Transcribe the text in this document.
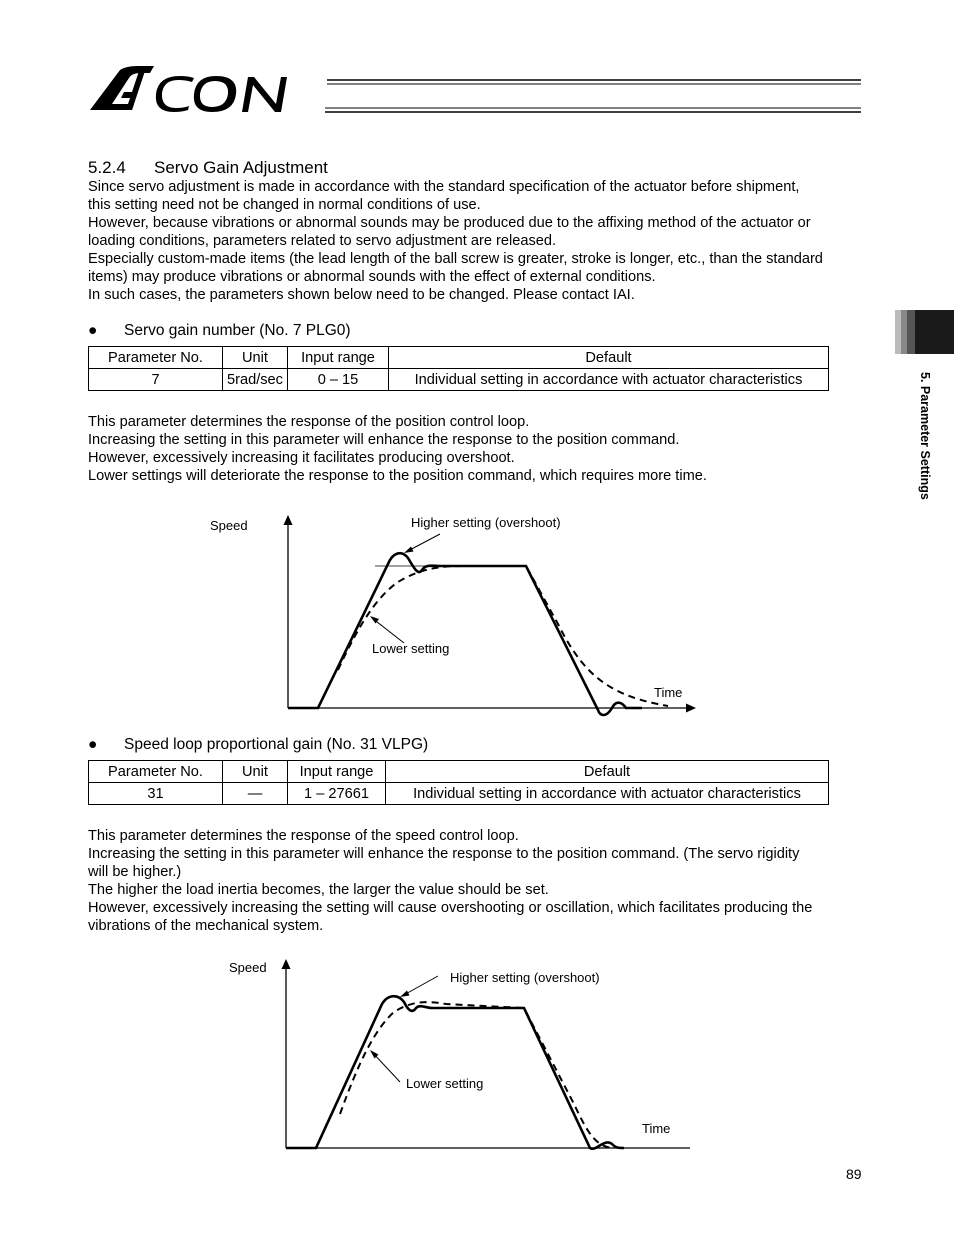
5. Parameter Settings
5.2.4 Servo Gain Adjustment

Since servo adjustment is made in accordance with the standard specification of the actuator before shipment,

this setting need not be changed in normal conditions of use.

However, because vibrations or abnormal sounds may be produced due to the affixing method of the actuator or

loading conditions, parameters related to servo adjustment are released.

Especially custom-made items (the lead length of the ball screw is greater, stroke is longer, etc., than the standard

items) may produce vibrations or abnormal sounds with the effect of external conditions.

In such cases, the parameters shown below need to be changed. Please contact IAI.

● Servo gain number (No. 7 PLG0)
Parameter No.	Unit	Input range	Default
7	5rad/sec	0 – 15	Individual setting in accordance with actuator characteristics

This parameter determines the response of the position control loop.

Increasing the setting in this parameter will enhance the response to the position command.

However, excessively increasing it facilitates producing overshoot.

Lower settings will deteriorate the response to the position command, which requires more time.

Speed	Higher setting (overshoot)
Lower setting
Time
● Speed loop proportional gain (No. 31 VLPG)
Parameter No.	Unit	Input range	Default
31	—	1 – 27661	Individual setting in accordance with actuator characteristics

This parameter determines the response of the speed control loop.

Increasing the setting in this parameter will enhance the response to the position command. (The servo rigidity

will be higher.)

The higher the load inertia becomes, the larger the value should be set.

However, excessively increasing the setting will cause overshooting or oscillation, which facilitates producing the

vibrations of the mechanical system.

Speed
Higher setting (overshoot)
Lower setting
Time
89
